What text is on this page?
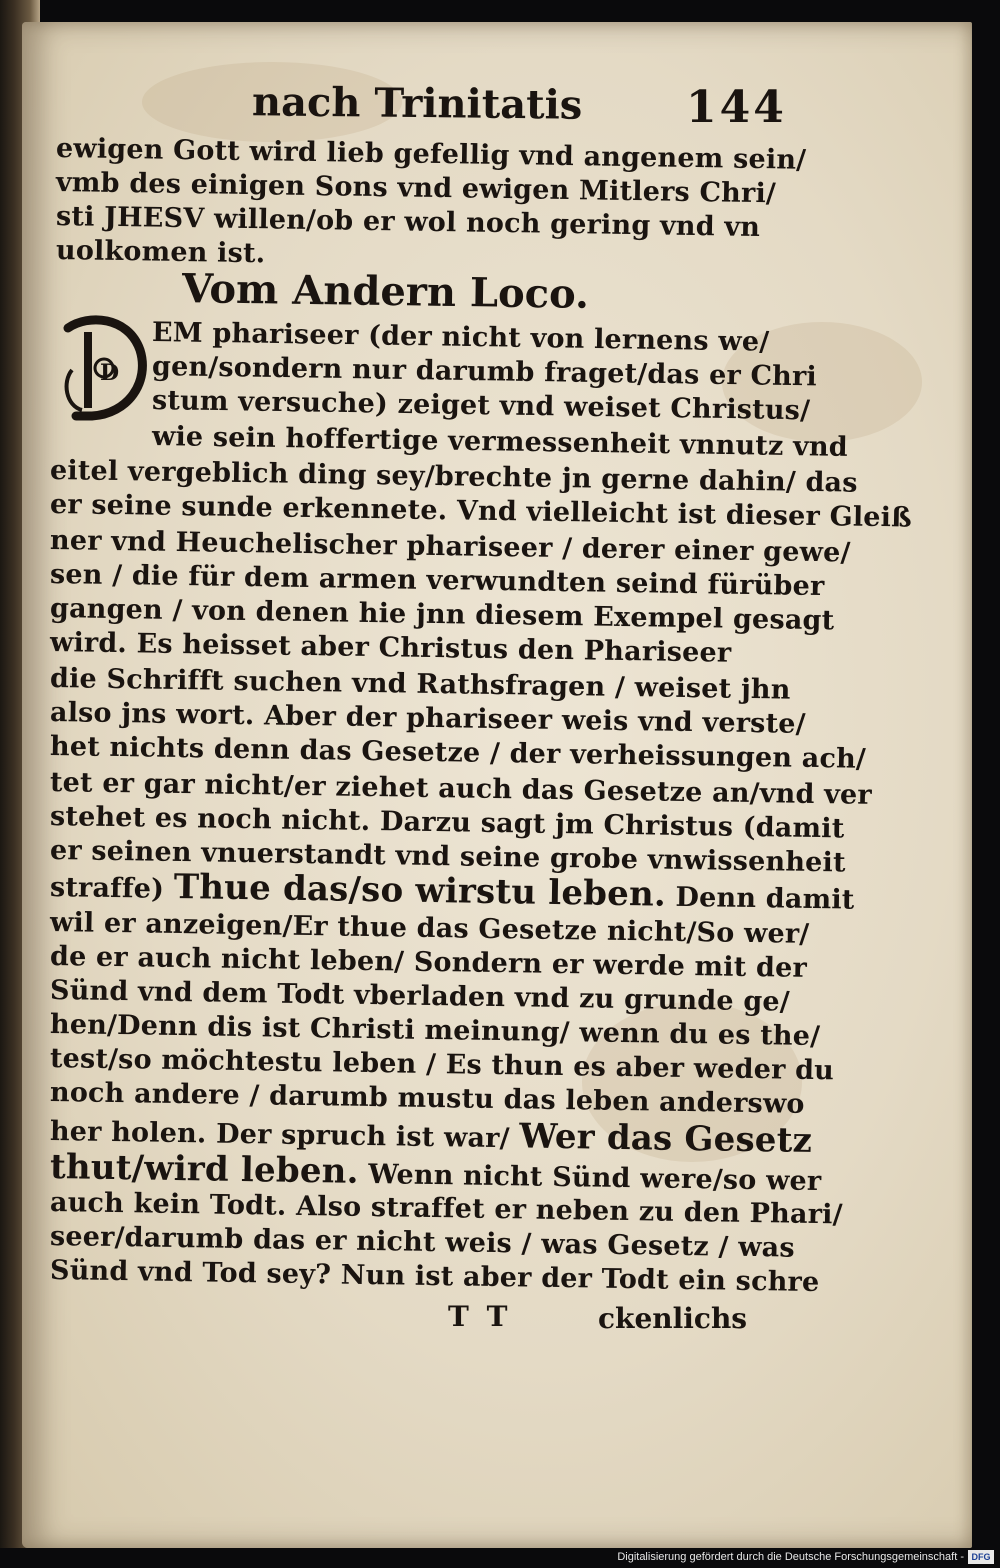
nach Trinitatis 144
ewigen Gott wird lieb gefellig vnd angenem sein/
vmb des einigen Sons vnd ewigen Mitlers Chri/
sti JHESV willen/ob er wol noch gering vnd vn
uolkomen ist.
Vom Andern Loco.
D
EM phariseer (der nicht von lernens we/
gen/sondern nur darumb fraget/das er Chri
stum versuche) zeiget vnd weiset Christus/
wie sein hoffertige vermessenheit vnnutz vnd
eitel vergeblich ding sey/brechte jn gerne dahin/ das
er seine sunde erkennete. Vnd vielleicht ist dieser Gleiß
ner vnd Heuchelischer phariseer / derer einer gewe/
sen / die für dem armen verwundten seind fürüber
gangen / von denen hie jnn diesem Exempel gesagt
wird. Es heisset aber Christus den Phariseer
die Schrifft suchen vnd Rathsfragen / weiset jhn
also jns wort. Aber der phariseer weis vnd verste/
het nichts denn das Gesetze / der verheissungen ach/
tet er gar nicht/er ziehet auch das Gesetze an/vnd ver
stehet es noch nicht. Darzu sagt jm Christus (damit
er seinen vnuerstandt vnd seine grobe vnwissenheit
straffe) Thue das/so wirstu leben. Denn damit
wil er anzeigen/Er thue das Gesetze nicht/So wer/
de er auch nicht leben/ Sondern er werde mit der
Sünd vnd dem Todt vberladen vnd zu grunde ge/
hen/Denn dis ist Christi meinung/ wenn du es the/
test/so möchtestu leben / Es thun es aber weder du
noch andere / darumb mustu das leben anderswo
her holen. Der spruch ist war/ Wer das Gesetz
thut/wird leben. Wenn nicht Sünd were/so wer
auch kein Todt. Also straffet er neben zu den Phari/
seer/darumb das er nicht weis / was Gesetz / was
Sünd vnd Tod sey? Nun ist aber der Todt ein schre
T T	ckenlichs
Digitalisierung gefördert durch die Deutsche Forschungsgemeinschaft - DFG
